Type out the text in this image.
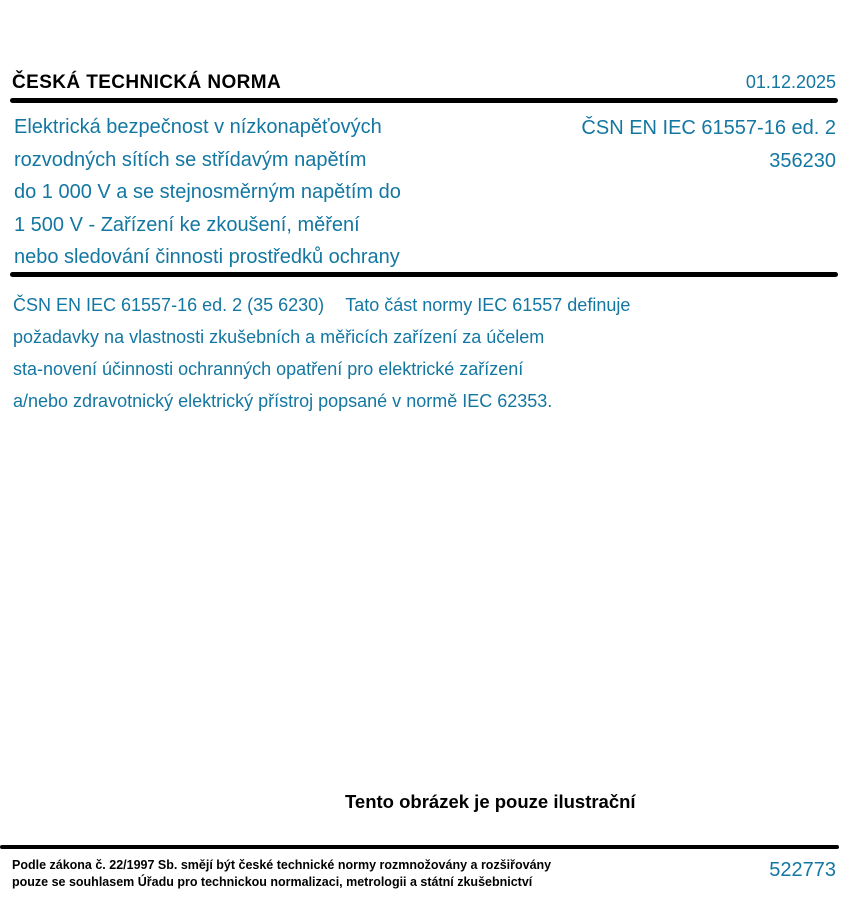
ČESKÁ TECHNICKÁ NORMA	01.12.2025
Elektrická bezpečnost v nízkonapěťových
rozvodných sítích se střídavým napětím
do 1 000 V a se stejnosměrným napětím do
1 500 V - Zařízení ke zkoušení, měření
nebo sledování činnosti prostředků ochrany
ČSN EN IEC 61557-16 ed. 2
356230
ČSN EN IEC 61557-16 ed. 2 (35 6230) Tato část normy IEC 61557 definuje
požadavky na vlastnosti zkušebních a měřicích zařízení za účelem
sta-novení účinnosti ochranných opatření pro elektrické zařízení
a/nebo zdravotnický elektrický přístroj popsané v normě IEC 62353.
Tento obrázek je pouze ilustrační
Podle zákona č. 22/1997 Sb. smějí být české technické normy rozmnožovány a rozšiřovány
pouze se souhlasem Úřadu pro technickou normalizaci, metrologii a státní zkušebnictví
522773
